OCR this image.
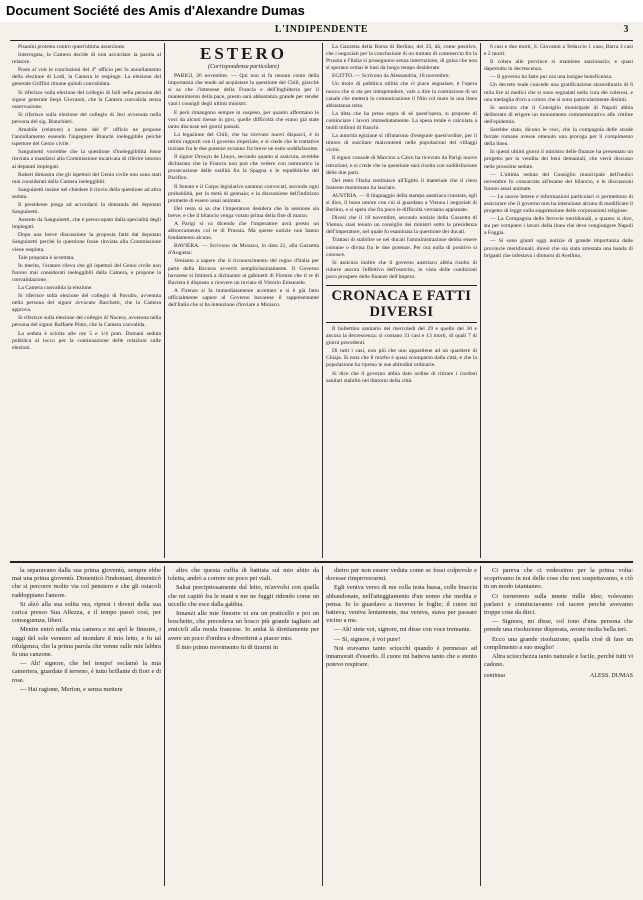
Document Société des Amis d'Alexandre Dumas
L'INDIPENDENTE	3

Pisanini protesta contro quest'ultima asserzione.

Interrogata, la Camera decide di non accordare la parola al relatore.

Poste ai voti le conclusioni del 4° ufficio per lo annullamento della elezione di Lodi, la Camera le respinge. La elezione del generale Griffini rimane quindi convalidata.

Si riferisce sulla elezione del collegio di Isili nella persona del signor generale Serpi Giovanni, che la Camera convalida senza osservazione.

Si riferisce sulla elezione del collegio di Jesi avvenuta nella persona del sig. Bianchieri.

Amabile (relatore) a nome del 8° ufficio ne propone l'annullamento essendo l'ingegnere Bianchi ineleggibile perchè ispettore del Genio civile.

Sanguinetti vorrebbe che la questione d'ineleggibilità fosse rinviata a mandarsi alla Commissione incaricata di riferire intorno ai deputati impiegati.

Ruberi dimostra che gli ispettori del Genio civile non sono stati mai considerati dalla Camera ineleggibili.

Sanguinetti insiste nel chiedere il rinvio della questione ad altra seduta.

Il presidente prega ad accordarsi la domanda del deputato Sanguinetti.

Assente da Sanguinetti, che è preoccupato dalla specialità degli impiegati.

Dopo una breve discussione la proposta fatta dal deputato Sanguinetti perchè la questione fosse rinviata alla Commissione viene respinta.

Tale proposta è accettata.

In merito, l'oratore rileva che gli ispettori del Genio civile non furono mai considerati ineleggibili dalla Camera, e propone la convalidazione.

La Camera convalida la elezione.

Si riferisce sulla elezione del collegio di Pavullo, avvenuta nella persona del signor avvocato Barchetti, che la Camera approva.

Si riferisce sulla elezione del collegio di Nocera, avvenuta nella persona del signor Raffaele Pinto, che la Camera convalida.

La seduta è sciolta alle ore 5 e 1/4 pom. Domani seduta pubblica al tocco per la continuazione delle relazioni sulle elezioni.

ESTERO
(Corrispondenza particolare)

PARIGI, 26 novembre. — Qui non si fa nessun conto della importanza che tende ad acquistare la questione del Chili, giacchè si sa che l'interesse della Francia e dell'Inghilterra per il mantenimento della pace, presto sarà abbastanza grande per render vani i consigli degli ultimi ministri.

E però rimangono sempre in sospeso, per quanto affermano le voci da alcuni messe in giro, quelle difficoltà che erano già state tanto discusse nei giorni passati.

La legazione del Chili, che ha ricevuto nuovi dispacci, è in ottimi rapporti con il governo imperiale, e si crede che le trattative iniziate fra le due potenze avranno fra breve un esito soddisfacente.

Il signor Drouyn de Lhuys, secondo quanto si assicura, avrebbe dichiarato che la Francia non può che vedere con rammarico la prosecuzione delle ostilità fra la Spagna e le repubbliche del Pacifico.

Il Senato e il Corpo legislativo saranno convocati, secondo ogni probabilità, per la metà di gennaio; e la discussione dell'indirizzo promette di essere assai animata.

Del resto si sa che l'imperatore desidera che la sessione sia breve, e che il bilancio venga votato prima della fine di marzo.

A Parigi si va dicendo che l'imperatore avrà presto un abboccamento col re di Prussia. Ma queste notizie non hanno fondamento alcuno.

BAVIERA. — Scrivono da Monaco, in data 21, alla Gazzetta d'Augusta:

Veniamo a sapere che il riconoscimento del regno d'Italia per parte della Baviera avverrà semplicissimamente. Il Governo bavarese si limiterà a dichiarare ai gabinetti di Firenze che il re di Baviera è disposto a ricevere un inviato di Vittorio Emanuele.

A Firenze si fa immediatamente accettato e si è già fatto ufficialmente sapere al Governo bavarese il rappresentante dell'Italia che si ha intenzione d'inviare a Monaco.

La Gazzetta della Borsa di Berlino, del 23, dà, come positivo, che i negoziati per la conclusione di un trattato di commercio fra la Prussia e l'Italia si proseguono senza interruzione, di guisa che non si sperano ormai le basi da lungo tempo desiderate.

EGITTO. — Scrivono da Alessandria, 18 novembre:

Un titolo di pubblica utilità che ci piace segnalare, è l'opera nuova che si sta per intraprendere, vale a dire la costruzione di un canale che metterà in comunicazione il Nilo col mare in una linea abbastanza retta.

La ditta che ha presa sopra di sè quest'opera, si propone di cominciare i lavori immediatamente. La spesa totale è calcolata a molti milioni di franchi.

La autorità egiziane si rifiutarono d'eseguire quest'ordine, per il timore di suscitare malcontenti nelle popolazioni dei villaggi vicini.

Il signor console di Marcioz a Cairo ha ricevuto da Parigi nuove istruzioni, e si crede che la questione sarà risolta con soddisfazione delle due parti.

Del resto l'Italia restituisce all'Egitto il materiale che il clero Insieme montonaro ha lasciato.

AUSTRIA. — Il linguaggio della stampa austriaca constata, egli si dice, il buon umore con cui si guardano a Vienna i negoziati di Berlino, e si spera che fra poco le difficoltà verranno appianate.

Dicesi che il 18 novembre, secondo notizie della Gazzetta di Vienna, siasi tenuto un consiglio dei ministri sotto la presidenza dell'imperatore, nel quale fu esaminata la questione dei ducati.

Trattasi di stabilire se nei ducati l'amministrazione debba essere comune o divisa fra le due potenze. Per ora nulla di positivo si conosce.

Si assicura inoltre che il governo austriaco abbia risolto di ridurre ancora l'effettivo dell'esercito, in vista delle condizioni poco prospere delle finanze dell'impero.

CRONACA E FATTI DIVERSI

Il bollettino sanitario del mercoledì del 29 e quello del 30 e ancora la decrescenza: si contano 31 casi e 13 morti, di quali 7 di giorni precedenti.

Di tutti i casi, non più che uno appartiene ad un quartiere di Chiaja. Si nota che il morbo è quasi scomparso dalla città, e che la popolazione ha ripreso le sue abitudini ordinarie.

Si dice che il governo abbia dato ordine di ritirare i cordoni sanitari stabiliti nei dintorni della città.

6 casi e due morti, S. Giovanni a Teduccio 1 caso, Barra 3 casi e 2 morti.

Il colera alle province si mantiene stazionario; e quasi dapertutto in decrescenza.

— Il governo ha fatto pur ora una insigne beneficenza.

Un decreto reale concede una gratificazione straordinaria di 6 mila lire ai medici che si sono segnalati nella cura dei colerosi, e una medaglia d'oro a coloro che si sono particolarmente distinti.

Si assicura che il Consiglio municipale di Napoli abbia deliberato di erigere un monumento commemorativo alle vittime dell'epidemia.

Sarebbe stato, dicono le voci, che la compagnia delle strade ferrate romane avesse ottenuto una proroga per il compimento della linea.

In questi ultimi giorni il ministro delle finanze ha presentato un progetto per la vendita dei beni demaniali, che verrà discusso nelle prossime sedute.

— L'ultima seduta del Consiglio municipale dell'undici novembre fu consacrata all'esame del bilancio, e le discussioni furono assai animate.

— Le nuove lettere e informazioni particolari ci permettono di assicurare che il governo non ha intenzione alcuna di modificare il progetto di legge sulla soppressione delle corporazioni religiose.

— La Compagnia delle ferrovie meridionali, a quanto si dice, sta per compiere i lavori della linea che deve congiungere Napoli a Foggia.

— Si sono giunti oggi notizie di grande importanza dalle provincie meridionali; dicesi che sia stata arrestata una banda di briganti che infestava i dintorni di Avellino.

la separavano dalla sua prima gioventù, sempre ebbe mai una prima gioventù. Dimenticò l'indomani, dimenticò che si percorre molto via col pensiero e che gli ostacoli raddoppiano l'amore.

Si alzò alla sua solita ora, ripresi i doveri della sua carica presso Sua Altezza, e il tempo passò così, per conseguenza, liberi.

Mentre entrò nella mia camera e mi aprì le finestre, i raggi del sole vennero ad inondare il mio letto, e fu tal rifulgenza, che la prima parola che venne sulle mie labbra fu una canzone.

— Ah! signore, che bel tempo! esclamò la mia cameriera, guardate il terreno, è tutto brillante di fiori e di rose.

— Hai ragione, Merion, e senza mettere

altro che questa cuffia di battista sul mio abito da toletta, andrò a correre un poco pei viali.

Saltai precipitosamente dal letto, m'avvolsi con quella che mi capitò fra le mani e me ne fuggii ridendo come un uccello che esce dalla gabbia.

Innanzi alle mie finestre vi era un praticello e poi un boschetto, che precedeva un bosco più grande tagliato ad emicicli alla moda francese. Io andai là direttamente per avere un poco d'ombra e divertirmi a piacer mio.

Il mio primo movimento fu di tirarmi in

dietro per non essere veduta come se fossi colpevole e dovesse rimproverarmi.

Egli veniva verso di me colla testa bassa, colle braccia abbandonate, nell'atteggiamento d'un uomo che medita e pensa. Io lo guardavo a traverso le foglie; il cuore mi batteva; veniva lentamente, ma veniva, stava per passare vicino a me.

— Ah! siete voi, signore, mi disse con voce tremante.

— Sì, signore, è voi pure!

Noi eravamo tanto sciocchi quando è permesso ad innamorati d'esserlo. Il cuore mi batteva tanto che a stento potevo respirare.

Ci pareva che ci vedessimo per la prima volta: scoprivamo in noi delle cose che non sospettavamo, e ciò in un modo istantaneo.

Ci torneremo sulla mente mille idee; volevamo parlarci e cominciavamo col tacere perchè avevamo troppe cose da dirci.

— Signora, mi disse, col tono d'una persona che prende una risoluzione disperata, avrete molta bella ieri.

Ecco una grande risoluzione, quella cioè di fare un complimento a suo meglio!

Altra sciocchezza tanto naturale e facile, perchè tutti vi cadono.

continua	ALESS. DUMAS
